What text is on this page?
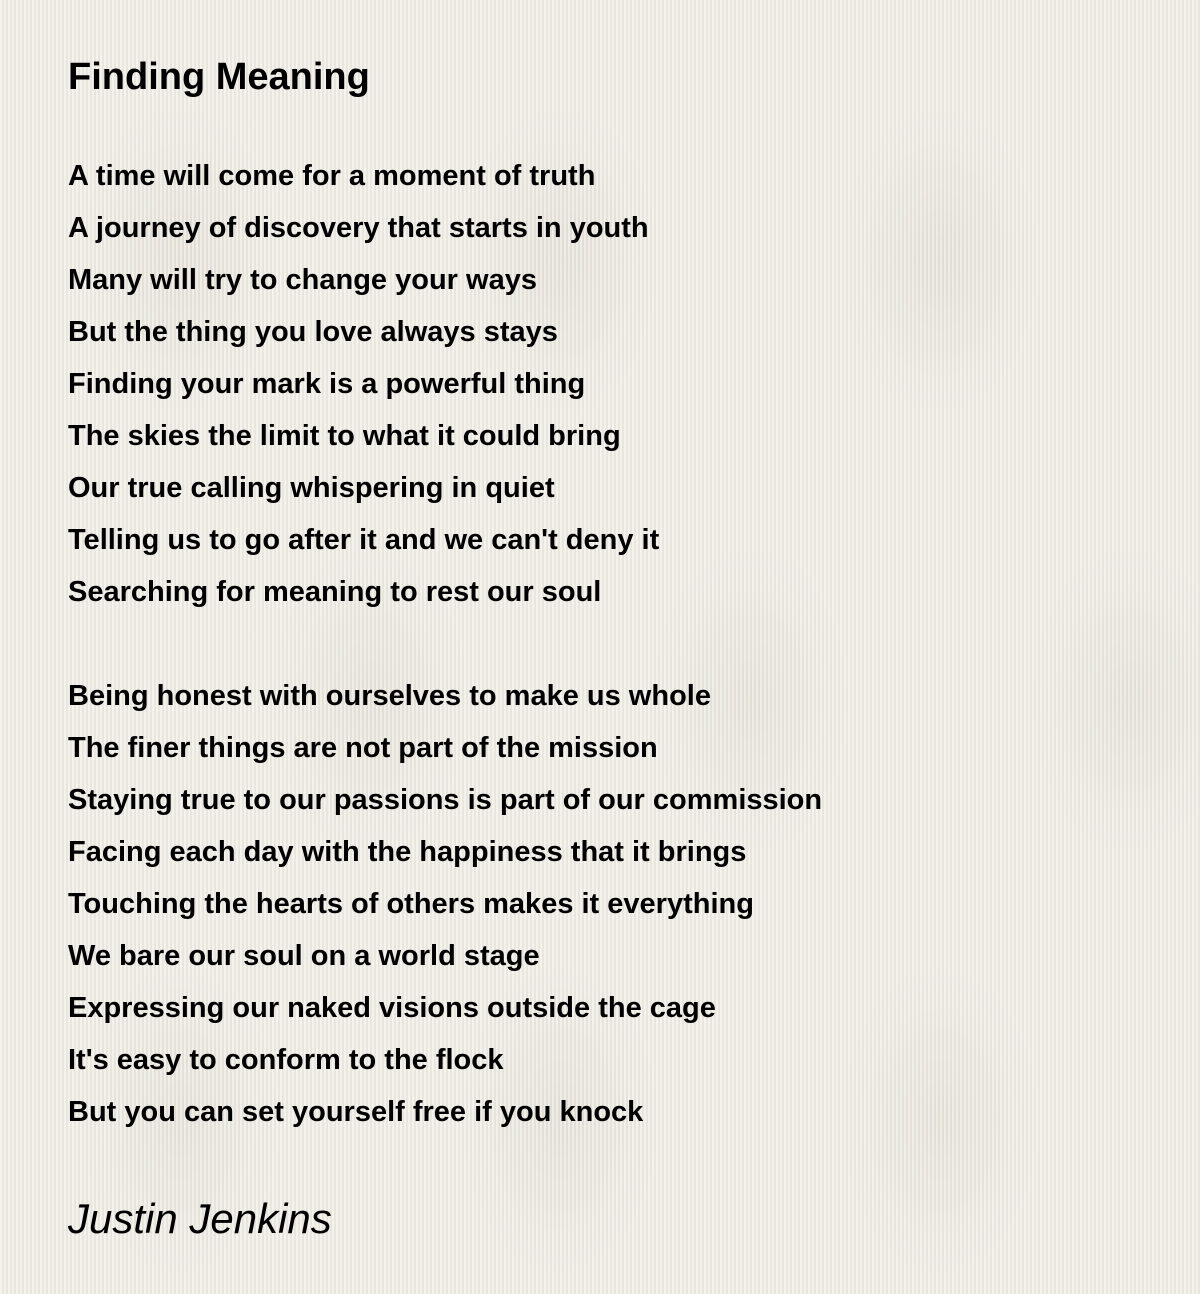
Finding Meaning
A time will come for a moment of truth
A journey of discovery that starts in youth
Many will try to change your ways
But the thing you love always stays
Finding your mark is a powerful thing
The skies the limit to what it could bring
Our true calling whispering in quiet
Telling us to go after it and we can't deny it
Searching for meaning to rest our soul
Being honest with ourselves to make us whole
The finer things are not part of the mission
Staying true to our passions is part of our commission
Facing each day with the happiness that it brings
Touching the hearts of others makes it everything
We bare our soul on a world stage
Expressing our naked visions outside the cage
It's easy to conform to the flock
But you can set yourself free if you knock

Justin Jenkins
